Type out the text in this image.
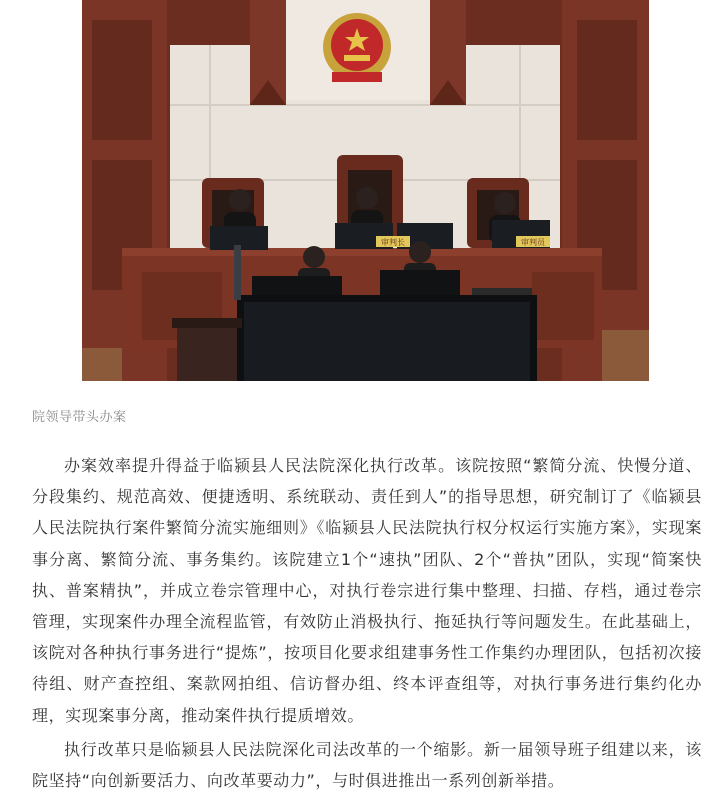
审判长	审判员
院领导带头办案

办案效率提升得益于临颍县人民法院深化执行改革。该院按照“繁简分流、快慢分道、分段集约、规范高效、便捷透明、系统联动、责任到人”的指导思想，研究制订了《临颍县人民法院执行案件繁简分流实施细则》《临颍县人民法院执行权分权运行实施方案》，实现案事分离、繁简分流、事务集约。该院建立1个“速执”团队、2个“普执”团队，实现“简案快执、普案精执”，并成立卷宗管理中心，对执行卷宗进行集中整理、扫描、存档，通过卷宗管理，实现案件办理全流程监管，有效防止消极执行、拖延执行等问题发生。在此基础上，该院对各种执行事务进行“提炼”，按项目化要求组建事务性工作集约办理团队，包括初次接待组、财产查控组、案款网拍组、信访督办组、终本评查组等，对执行事务进行集约化办理，实现案事分离，推动案件执行提质增效。

执行改革只是临颍县人民法院深化司法改革的一个缩影。新一届领导班子组建以来，该院坚持“向创新要活力、向改革要动力”，与时俱进推出一系列创新举措。
